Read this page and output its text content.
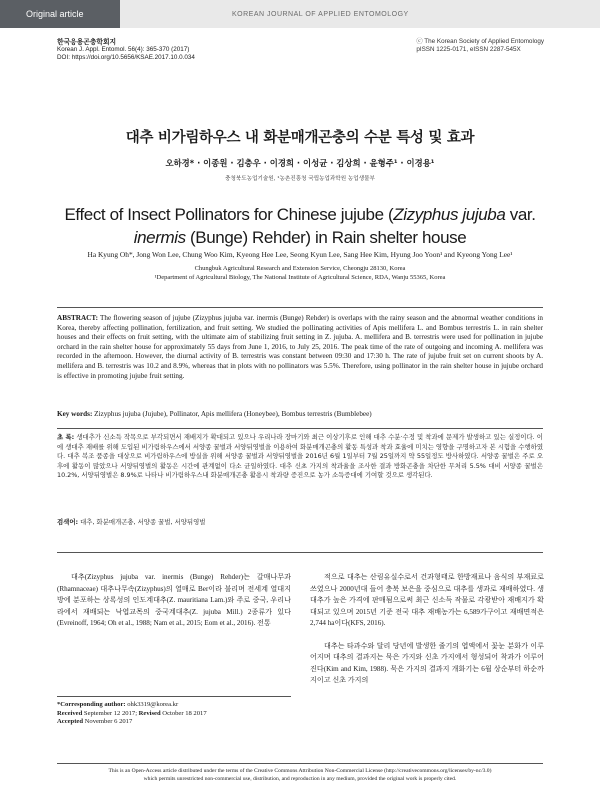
Original article	KOREAN JOURNAL OF APPLIED ENTOMOLOGY
한국응용곤충학회지
Korean J. Appl. Entomol. 56(4): 365-370 (2017)
DOI: https://doi.org/10.5656/KSAE.2017.10.0.034
ⓒ The Korean Society of Applied Entomology
pISSN 1225-0171, eISSN 2287-545X
대추 비가림하우스 내 화분매개곤충의 수분 특성 및 효과
오하경* · 이종원 · 김충우 · 이경희 · 이성균 · 김상희 · 윤형주¹ · 이경용¹
충청북도농업기술원, ¹농촌진흥청 국립농업과학원 농업생물부
Effect of Insect Pollinators for Chinese jujube (Zizyphus jujuba var.
inermis (Bunge) Rehder) in Rain shelter house
Ha Kyung Oh*, Jong Won Lee, Chung Woo Kim, Kyeong Hee Lee, Seong Kyun Lee, Sang Hee Kim, Hyung Joo Yoon¹ and Kyeong Yong Lee¹
Chungbuk Agricultural Research and Extension Service, Cheongju 28130, Korea
¹Department of Agricultural Biology, The National Institute of Agricultural Science, RDA, Wanju 55365, Korea
ABSTRACT: The flowering season of jujube (Zizyphus jujuba var. inermis (Bunge) Rehder) is overlaps with the rainy season and the abnormal weather conditions in Korea, thereby affecting pollination, fertilization, and fruit setting. We studied the pollinating activities of Apis mellifera L. and Bombus terrestris L. in rain shelter houses and their effects on fruit setting, with the ultimate aim of stabilizing fruit setting in Z. jujuba. A. mellifera and B. terrestris were used for pollination in jujube orchard in the rain shelter house for approximately 55 days from June 1, 2016, to July 25, 2016. The peak time of the rate of outgoing and incoming A. mellifera was recorded in the afternoon. However, the diurnal activity of B. terrestris was constant between 09:30 and 17:30 h. The rate of jujube fruit set on current shoots by A. mellifera and B. terrestris was 10.2 and 8.9%, whereas that in plots with no pollinators was 5.5%. Therefore, using pollinator in the rain shelter house in jujube orchard is effective in promoting jujube fruit setting.
Key words: Zizyphus jujuba (Jujube), Pollinator, Apis mellifera (Honeybee), Bombus terrestris (Bumblebee)
초 록: 생대추가 신소득 작목으로 부각되면서 재배지가 확대되고 있으나 우리나라 장마기와 최근 이상기후로 인해 대추 수분·수정 및 착과에 문제가 발생하고 있는 실정이다. 이에 생대추 재배를 위해 도입된 비가림하우스에서 서양종 꿀벌과 서양뒤영벌을 이용하여 화분매개곤충의 활동 특성과 착과 효율에 미치는 영향을 구명하고자 본 시험을 수행하였다. 대추 복조 품종을 대상으로 비가림하우스에 방실을 위해 서양종 꿀벌과 서양뒤영벌을 2016년 6월 1일부터 7월 25일까지 약 55일정도 방사하였다. 서양종 꿀벌은 주로 오후에 활동이 많았으나 서양뒤영벌의 활동은 시간에 관계없이 다소 균일하였다. 대추 신초 가지의 착과율을 조사한 결과 방화곤충을 차단한 무처리 5.5% 대비 서양종 꿀벌은 10.2%, 서양뒤영벌은 8.9%로 나타나 비가림하우스내 화분매개곤충 활용시 착과량 증진으로 농가 소득증대에 기여할 것으로 생각된다.
검색어: 대추, 화분매개곤충, 서양종 꿀벌, 서양뒤영벌

대추(Zizyphus jujuba var. inermis (Bunge) Rehder)는 갈매나무과(Rhamnaceae) 대추나무속(Zizyphus)의 열매로 Ber이라 불리며 전세계 열대지방에 분포하는 상록성의 인도계대추(Z. mauritiana Lam.)와 주로 중국, 우리나라에서 재배되는 낙엽교목의 중국계대추(Z. jujuba Mill.) 2종류가 있다(Evreinoff, 1964; Oh et al., 1988; Nam et al., 2015; Eom et al., 2016). 전통

적으로 대추는 산림유실수로서 건과형태로 한방재료나 음식의 부재료로 쓰였으나 2000년대 들어 충북 보은을 중심으로 대추를 생과로 재배하였다. 생대추가 높은 가격에 판매됨으로써 최근 신소득 작물로 각광받아 재배지가 확대되고 있으며 2015년 기준 전국 대추 재배농가는 6,589가구이고 재배면적은 2,744 ha이다(KFS, 2016).

대추는 타과수와 달리 당년에 발생한 줄기의 엽액에서 꽃눈 분화가 이루어지며 대추의 결과지는 묵은 가지와 신초 가지에서 형성되어 착과가 이루어진다(Kim and Kim, 1988). 묵은 가지의 결과지 개화기는 6월 상순부터 하순까지이고 신초 가지의

*Corresponding author: ohk3319@korea.kr
Received September 12 2017; Revised October 18 2017
Accepted November 6 2017
This is an Open-Access article distributed under the terms of the Creative Commons Attribution Non-Commercial License (http://creativecommons.org/licenses/by-nc/3.0)
which permits unrestricted non-commercial use, distribution, and reproduction in any medium, provided the original work is properly cited.
